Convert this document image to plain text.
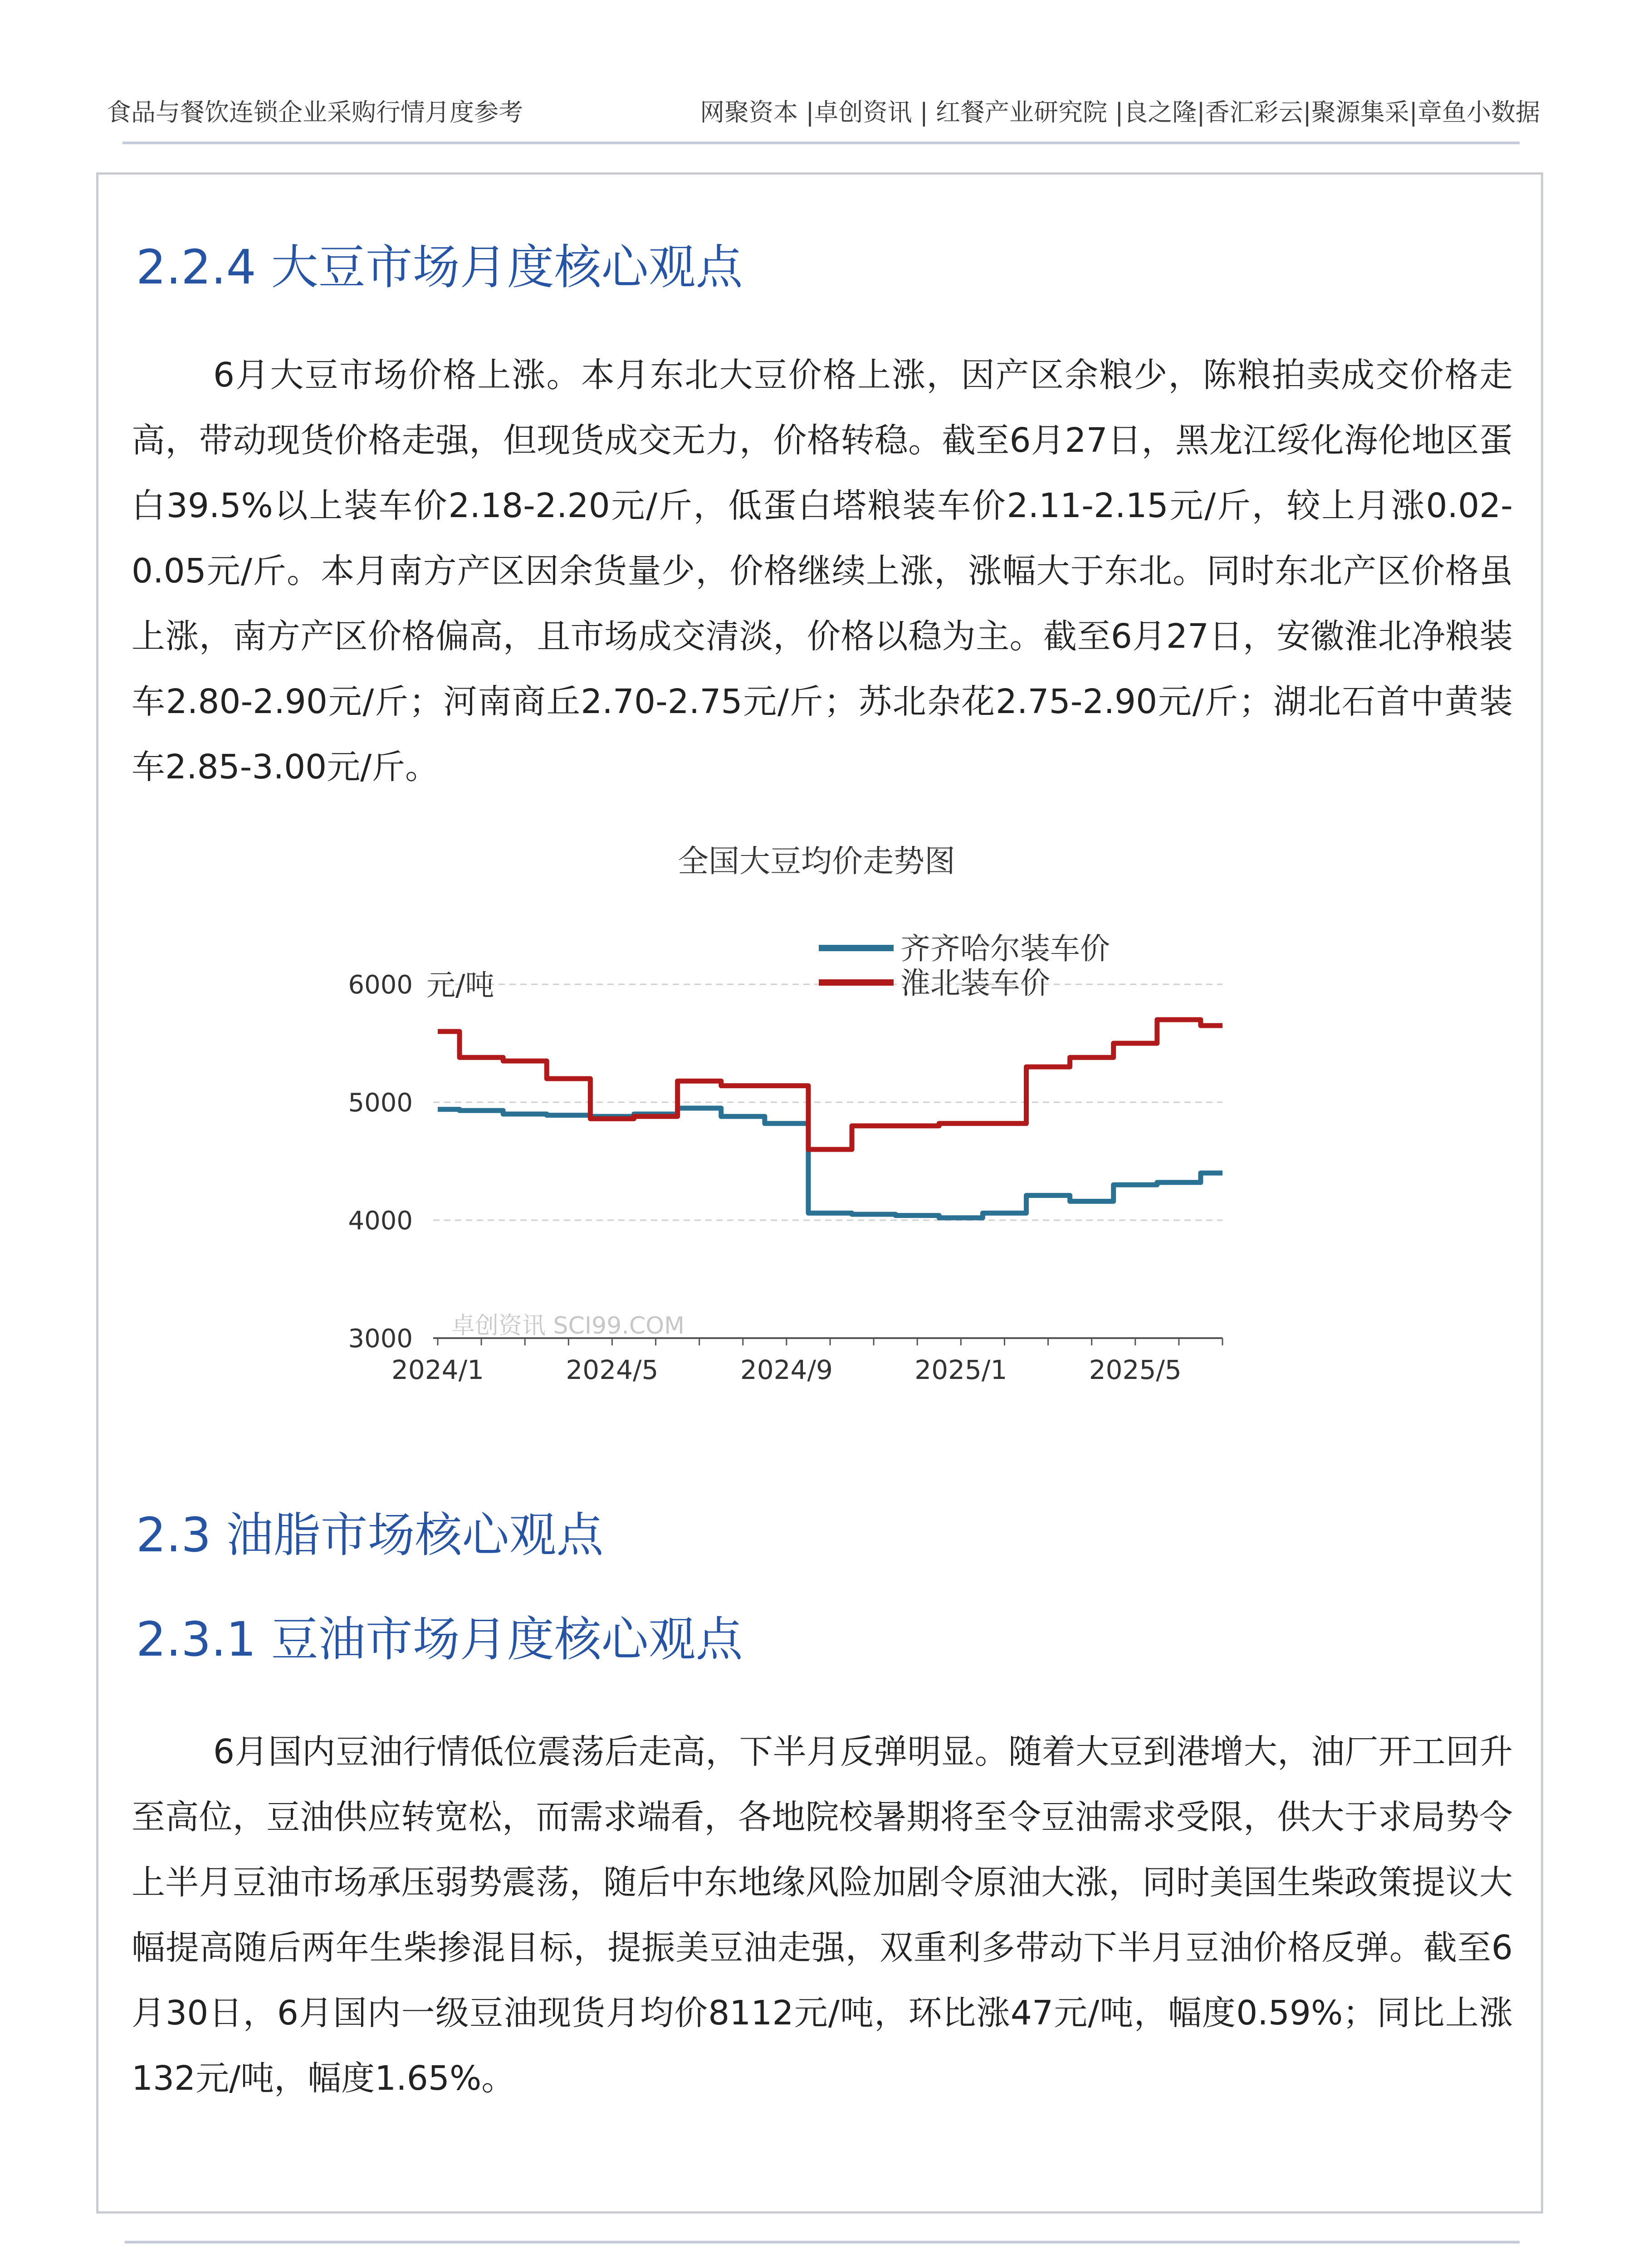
食品与餐饮连锁企业采购行情月度参考	网聚资本 |卓创资讯 | 红餐产业研究院 |良之隆|香汇彩云|聚源集采|章鱼小数据
2.2.4 大豆市场月度核心观点

6月大豆市场价格上涨。本月东北大豆价格上涨，因产区余粮少，陈粮拍卖成交价格走高，带动现货价格走强，但现货成交无力，价格转稳。截至6月27日，黑龙江绥化海伦地区蛋白39.5%以上装车价2.18-2.20元/斤，低蛋白塔粮装车价2.11-2.15元/斤，较上月涨0.02-0.05元/斤。本月南方产区因余货量少，价格继续上涨，涨幅大于东北。同时东北产区价格虽上涨，南方产区价格偏高，且市场成交清淡，价格以稳为主。截至6月27日，安徽淮北净粮装车2.80-2.90元/斤；河南商丘2.70-2.75元/斤；苏北杂花2.75-2.90元/斤；湖北石首中黄装车2.85-3.00元/斤。

全国大豆均价走势图
卓创资讯 SCI99.COM
3000
4000
5000
6000 元/吨
2024/1	2024/5	2024/9	2025/1	2025/5
齐齐哈尔装车价
淮北装车价
2.3 油脂市场核心观点
2.3.1 豆油市场月度核心观点

6月国内豆油行情低位震荡后走高，下半月反弹明显。随着大豆到港增大，油厂开工回升至高位，豆油供应转宽松，而需求端看，各地院校暑期将至令豆油需求受限，供大于求局势令上半月豆油市场承压弱势震荡，随后中东地缘风险加剧令原油大涨，同时美国生柴政策提议大幅提高随后两年生柴掺混目标，提振美豆油走强，双重利多带动下半月豆油价格反弹。截至6月30日，6月国内一级豆油现货月均价8112元/吨，环比涨47元/吨，幅度0.59%；同比上涨132元/吨，幅度1.65%。
